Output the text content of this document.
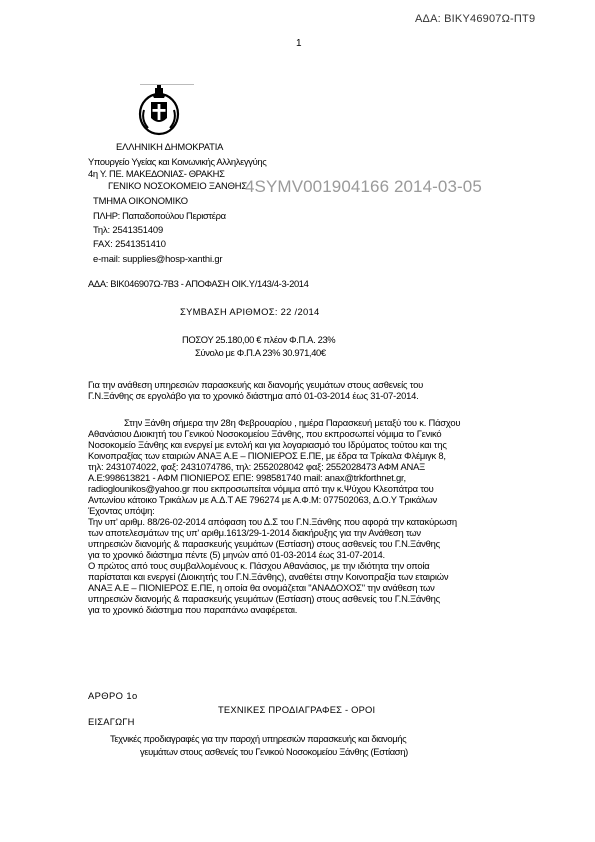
ΑΔΑ: ΒΙΚΥ46907Ω-ΠΤ9
1
ΕΛΛΗΝΙΚΗ ΔΗΜΟΚΡΑΤΙΑ
Υπουργείο Υγείας και Κοινωνικής Αλληλεγγύης
4η Υ. ΠΕ. ΜΑΚΕΔΟΝΙΑΣ- ΘΡΑΚΗΣ
ΓΕΝΙΚΟ ΝΟΣΟΚΟΜΕΙΟ ΞΑΝΘΗΣ
ΤΜΗΜΑ ΟΙΚΟΝΟΜΙΚΟ
ΠΛΗΡ: Παπαδοπούλου Περιστέρα
Τηλ: 2541351409
FAX: 2541351410
e-mail: supplies@hosp-xanthi.gr
4SYMV001904166 2014-03-05
ΑΔΑ: ΒΙΚ046907Ω-7Β3 - ΑΠΟΦΑΣΗ ΟΙΚ.Υ/143/4-3-2014
ΣΥΜΒΑΣΗ ΑΡΙΘΜΟΣ: 22 /2014
ΠΟΣΟΥ 25.180,00 € πλέον Φ.Π.Α. 23%
Σύνολο με Φ.Π.Α 23% 30.971,40€
Για την ανάθεση υπηρεσιών παρασκευής και διανομής γευμάτων στους ασθενείς του
Γ.Ν.Ξάνθης σε εργολάβο για το χρονικό διάστημα από 01-03-2014 έως 31-07-2014.
Στην Ξάνθη σήμερα την 28η Φεβρουαρίου , ημέρα Παρασκευή μεταξύ του κ. Πάσχου
Αθανάσιου Διοικητή του Γενικού Νοσοκομείου Ξάνθης, που εκπροσωπεί νόμιμα το Γενικό
Νοσοκομείο Ξάνθης και ενεργεί με εντολή και για λογαριασμό του Ιδρύματος τούτου και της
Κοινοπραξίας των εταιριών ΑΝΑΞ Α.Ε – ΠΙΟΝΙΕΡΟΣ Ε.ΠΕ, με έδρα τα Τρίκαλα Φλέμιγκ 8,
τηλ: 2431074022, φαξ: 2431074786, τηλ: 2552028042 φαξ: 2552028473 ΑΦΜ ΑΝΑΞ
Α.Ε:998613821 - ΑΦΜ ΠΙΟΝΙΕΡΟΣ ΕΠΕ: 998581740 mail: anax@trkforthnet.gr,
radioglounikos@yahoo.gr που εκπροσωπείται νόμιμα από την κ.Ψύχου Κλεοπάτρα του
Αντωνίου κάτοικο Τρικάλων με Α.Δ.Τ ΑΕ 796274 με Α.Φ.Μ: 077502063, Δ.Ο.Υ Τρικάλων
Έχοντας υπόψη:
Την υπ' αριθμ. 88/26-02-2014 απόφαση του Δ.Σ του Γ.Ν.Ξάνθης που αφορά την κατακύρωση
των αποτελεσμάτων της υπ' αριθμ.1613/29-1-2014 διακήρυξης για την Ανάθεση των
υπηρεσιών διανομής & παρασκευής γευμάτων (Εστίαση) στους ασθενείς του Γ.Ν.Ξάνθης
για το χρονικό διάστημα πέντε (5) μηνών από 01-03-2014 έως 31-07-2014.
Ο πρώτος από τους συμβαλλομένους κ. Πάσχου Αθανάσιος, με την ιδιότητα την οποία
παρίσταται και ενεργεί (Διοικητής του Γ.Ν.Ξάνθης), αναθέτει στην Κοινοπραξία των εταιριών
ΑΝΑΞ Α.Ε – ΠΙΟΝΙΕΡΟΣ Ε.ΠΕ, η οποία θα ονομάζεται "ΑΝΑΔΟΧΟΣ" την ανάθεση των
υπηρεσιών διανομής & παρασκευής γευμάτων (Εστίαση) στους ασθενείς του Γ.Ν.Ξάνθης
για το χρονικό διάστημα που παραπάνω αναφέρεται.
ΑΡΘΡΟ 1ο
ΤΕΧΝΙΚΕΣ ΠΡΟΔΙΑΓΡΑΦΕΣ - ΟΡΟΙ
ΕΙΣΑΓΩΓΗ
Τεχνικές προδιαγραφές για την παροχή υπηρεσιών παρασκευής και διανομής
γευμάτων στους ασθενείς του Γενικού Νοσοκομείου Ξάνθης (Εστίαση)
